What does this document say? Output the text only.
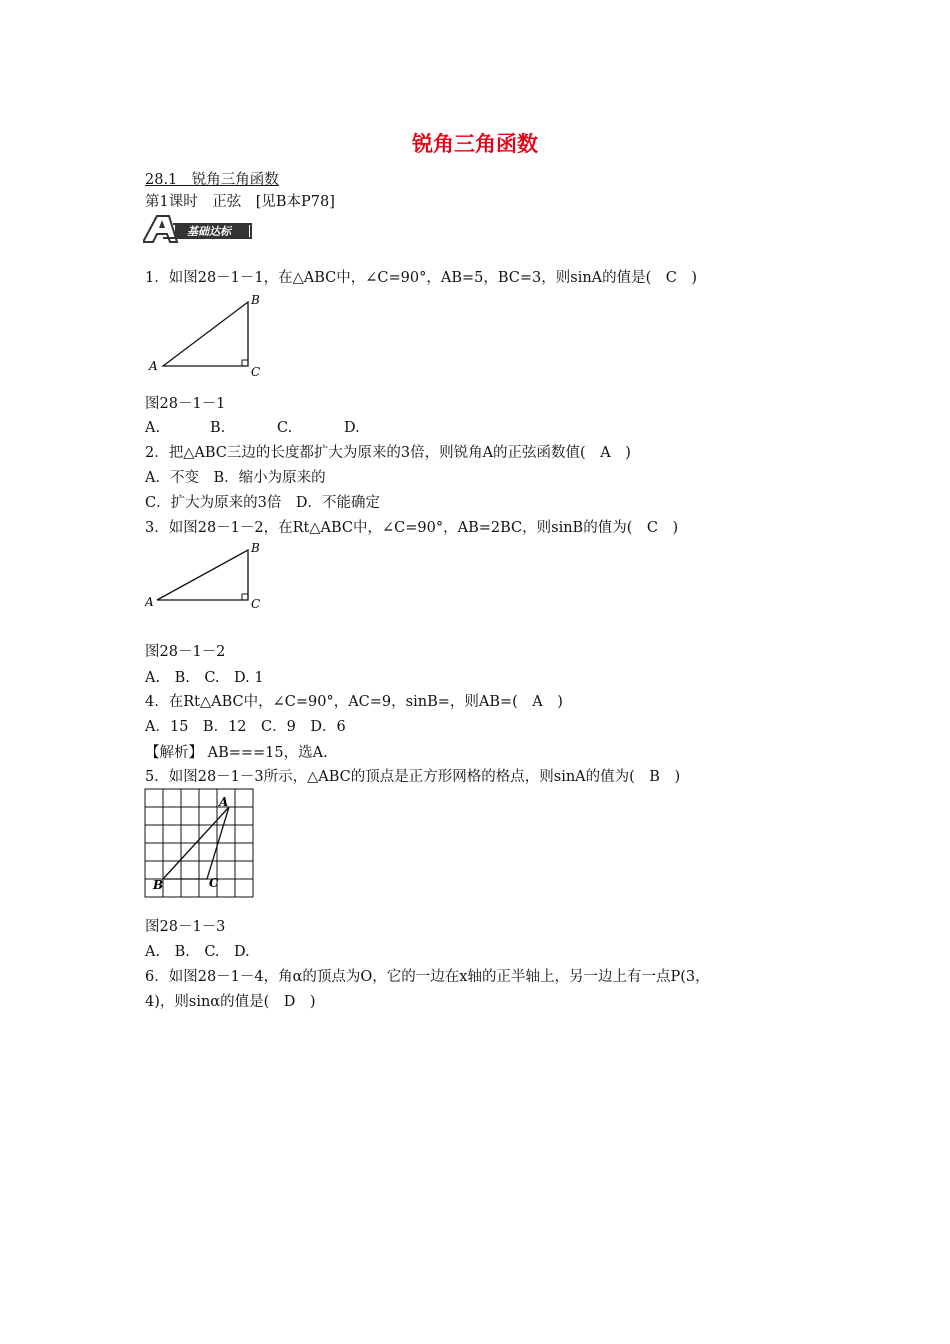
锐角三角函数
28.1　锐角三角函数
第1课时　正弦　[见B本P78]
基础达标
1．如图28－1－1，在△ABC中，∠C=90°，AB=5，BC=3，则sinA的值是(　C　)
A
B
C
图28－1－1
A.	B.	C.	D.
2．把△ABC三边的长度都扩大为原来的3倍，则锐角A的正弦函数值(　A　)
A．不变　B．缩小为原来的
C．扩大为原来的3倍　D．不能确定
3．如图28－1－2，在Rt△ABC中，∠C=90°，AB=2BC，则sinB的值为(　C　)
A
B
C
图28－1－2
A.　B.　C.　D. 1
4．在Rt△ABC中，∠C=90°，AC=9，sinB=，则AB=(　A　)
A．15　B．12　C．9　D．6
【解析】 AB===15，选A.
5．如图28－1－3所示，△ABC的顶点是正方形网格的格点，则sinA的值为(　B　)
A
B	C
图28－1－3
A.　B.　C.　D.
6．如图28－1－4，角α的顶点为O，它的一边在x轴的正半轴上，另一边上有一点P(3，
4)，则sinα的值是(　D　)
